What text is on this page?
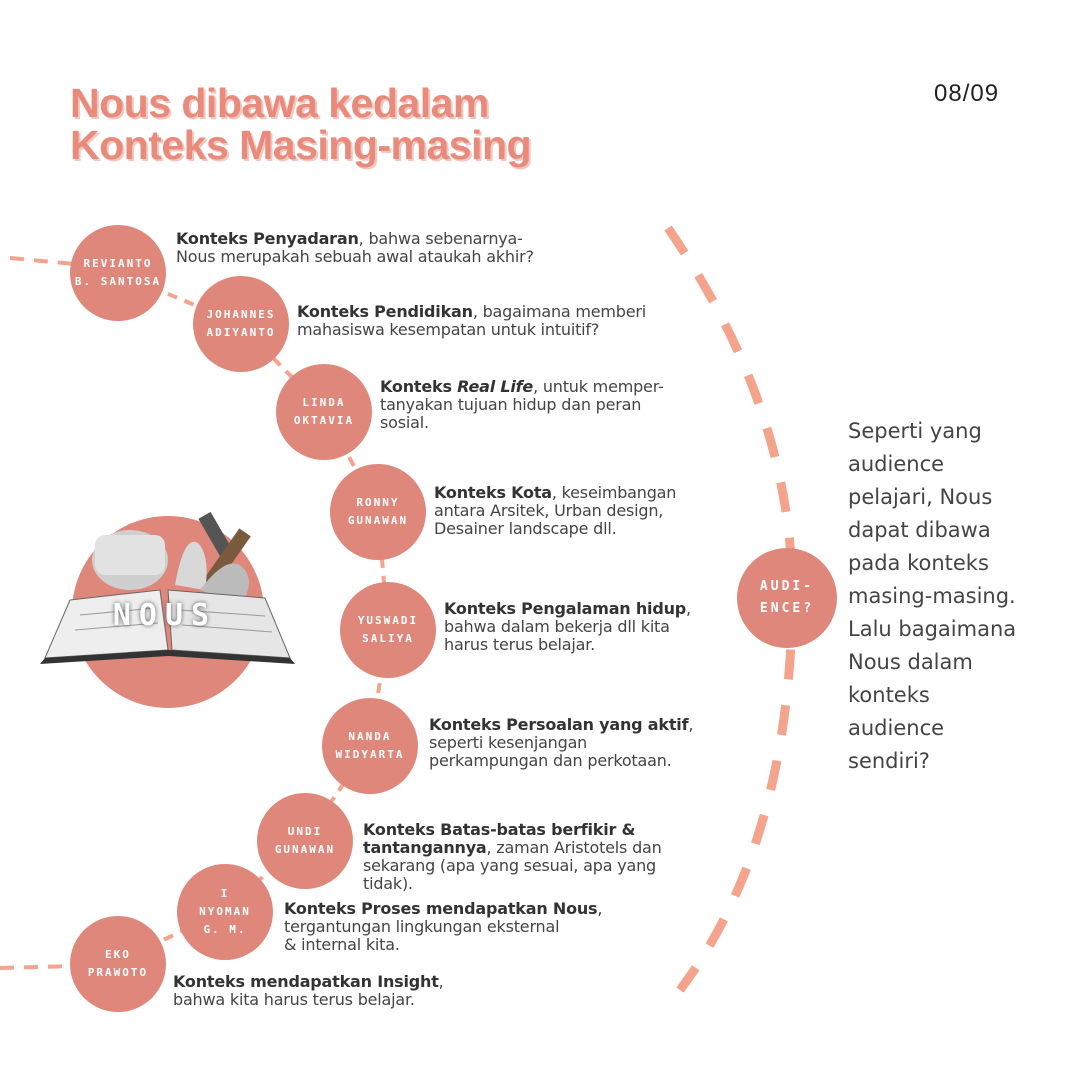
Nous dibawa kedalam
Konteks Masing-masing
08/09
NOUS
REVIANTO
B. SANTOSA
JOHANNES
ADIYANTO
LINDA
OKTAVIA
RONNY
GUNAWAN
YUSWADI
SALIYA
NANDA
WIDYARTA
UNDI
GUNAWAN
I
NYOMAN
G. M.
EKO
PRAWOTO
Konteks Penyadaran, bahwa sebenarnya-
Nous merupakah sebuah awal ataukah akhir?
Konteks Pendidikan, bagaimana memberi
mahasiswa kesempatan untuk intuitif?
Konteks Real Life, untuk memper-
tanyakan tujuan hidup dan peran
sosial.
Konteks Kota, keseimbangan
antara Arsitek, Urban design,
Desainer landscape dll.
Konteks Pengalaman hidup,
bahwa dalam bekerja dll kita
harus terus belajar.
Konteks Persoalan yang aktif,
seperti kesenjangan
perkampungan dan perkotaan.

Konteks Batas-batas berfikir &
tantangannya, zaman Aristotels dan
sekarang (apa yang sesuai, apa yang
tidak).

Konteks Proses mendapatkan Nous,
tergantungan lingkungan eksternal
& internal kita.
Konteks mendapatkan Insight,
bahwa kita harus terus belajar.
AUDI-
ENCE?
Seperti yang
audience
pelajari, Nous
dapat dibawa
pada konteks
masing-masing.
Lalu bagaimana
Nous dalam
konteks
audience
sendiri?
